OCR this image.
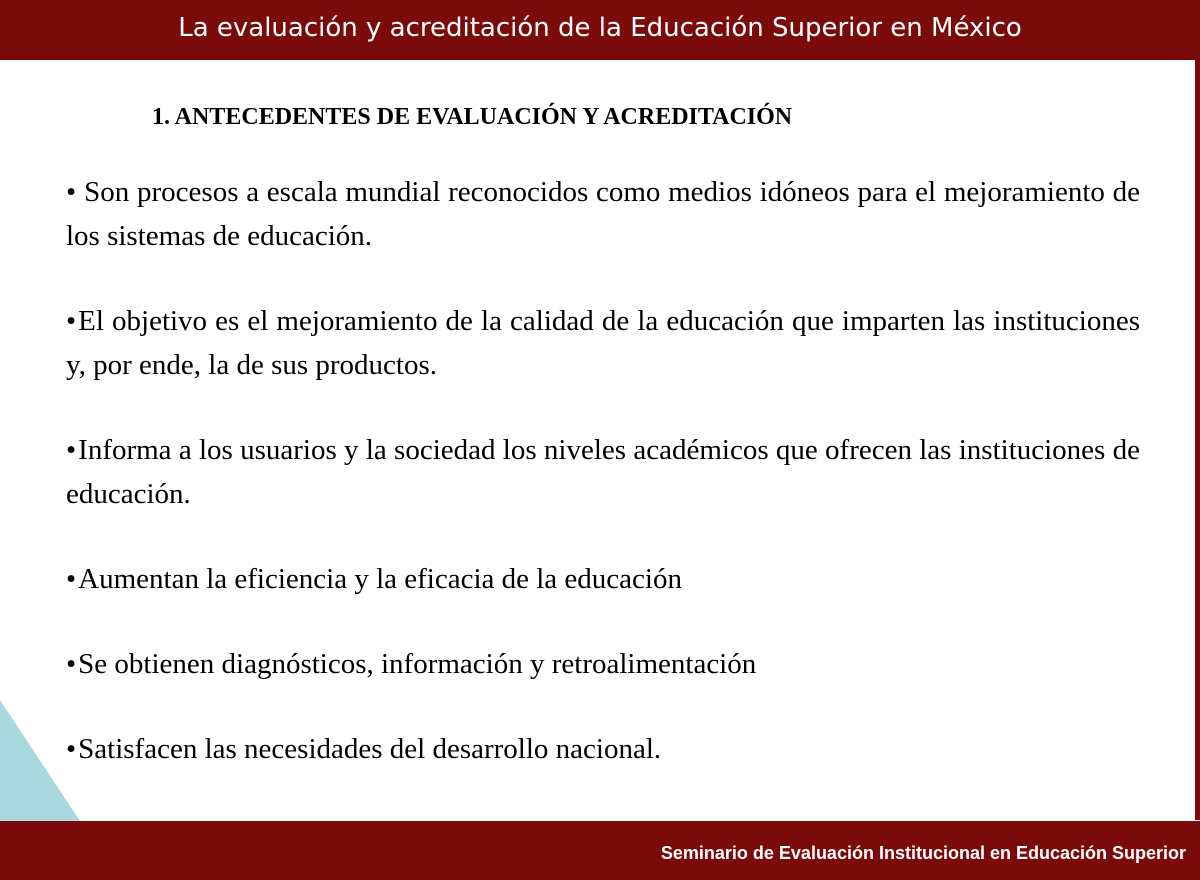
La evaluación y acreditación de la Educación Superior en México
1. ANTECEDENTES DE EVALUACIÓN Y ACREDITACIÓN

• Son procesos a escala mundial reconocidos como medios idóneos para el mejoramiento de los sistemas de educación.

•El objetivo es el mejoramiento de la calidad de la educación que imparten las instituciones y, por ende, la de sus productos.

•Informa a los usuarios y la sociedad los niveles académicos que ofrecen las instituciones de educación.

•Aumentan la eficiencia y la eficacia de la educación

•Se obtienen diagnósticos, información y retroalimentación

•Satisfacen las necesidades del desarrollo nacional.

Seminario de Evaluación Institucional en Educación Superior
